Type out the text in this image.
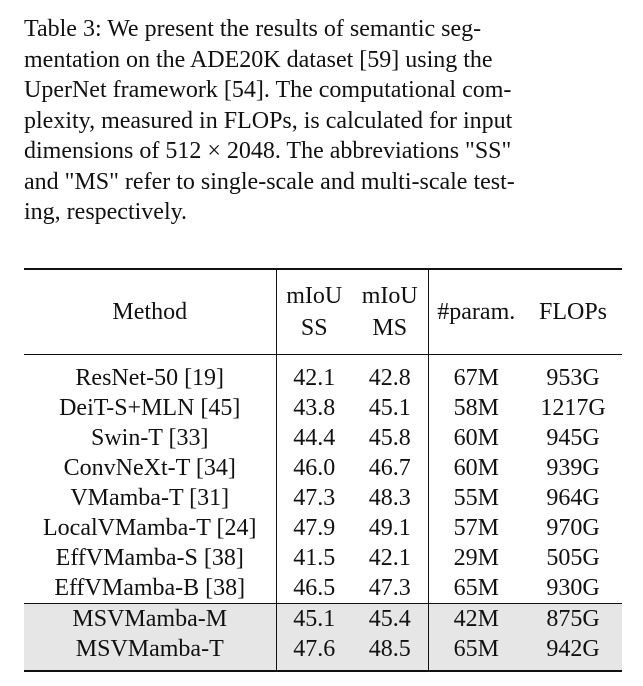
Table 3: We present the results of semantic seg-
mentation on the ADE20K dataset [59] using the
UperNet framework [54]. The computational com-
plexity, measured in FLOPs, is calculated for input
dimensions of 512 × 2048. The abbreviations "SS"
and "MS" refer to single-scale and multi-scale test-
ing, respectively.
Method	mIoU	mIoU	#param.	FLOPs
	SS	MS		
ResNet-50 [19]	42.1	42.8	67M	953G
DeiT-S+MLN [45]	43.8	45.1	58M	1217G
Swin-T [33]	44.4	45.8	60M	945G
ConvNeXt-T [34]	46.0	46.7	60M	939G
VMamba-T [31]	47.3	48.3	55M	964G
LocalVMamba-T [24]	47.9	49.1	57M	970G
EffVMamba-S [38]	41.5	42.1	29M	505G
EffVMamba-B [38]	46.5	47.3	65M	930G
MSVMamba-M	45.1	45.4	42M	875G
MSVMamba-T	47.6	48.5	65M	942G
